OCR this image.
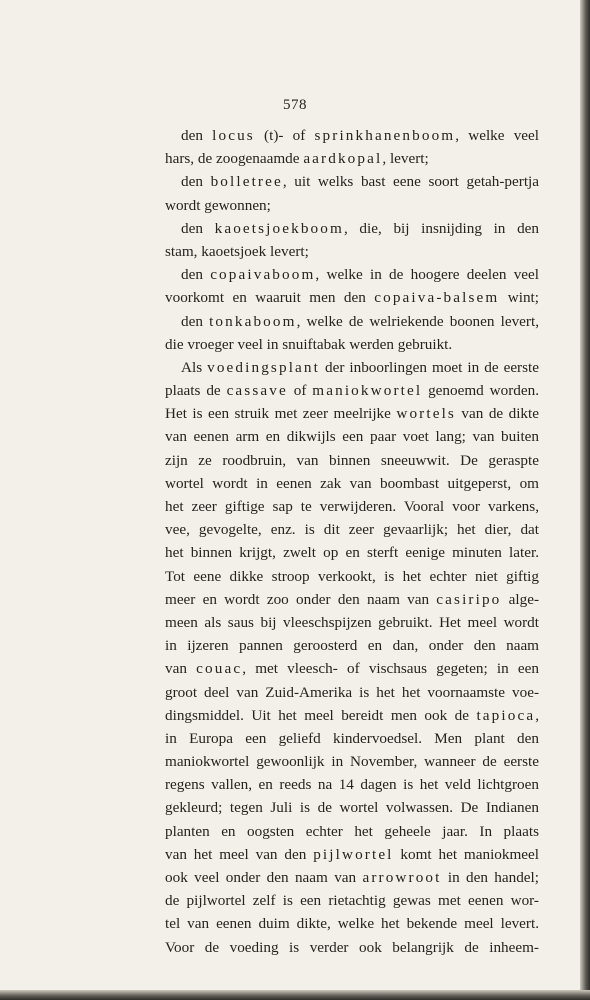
578
den locus (t)- of sprinkhanenboom, welke veel
hars, de zoogenaamde aardkopal, levert;
den bolletree, uit welks bast eene soort getah-pertja
wordt gewonnen;
den kaoetsjoekboom, die, bij insnijding in den
stam, kaoetsjoek levert;
den copaivaboom, welke in de hoogere deelen veel
voorkomt en waaruit men den copaiva-balsem wint;
den tonkaboom, welke de welriekende boonen levert,
die vroeger veel in snuiftabak werden gebruikt.
Als voedingsplant der inboorlingen moet in de eerste
plaats de cassave of maniokwortel genoemd worden.
Het is een struik met zeer meelrijke wortels van de dikte
van eenen arm en dikwijls een paar voet lang; van buiten
zijn ze roodbruin, van binnen sneeuwwit. De geraspte
wortel wordt in eenen zak van boombast uitgeperst, om
het zeer giftige sap te verwijderen. Vooral voor varkens,
vee, gevogelte, enz. is dit zeer gevaarlijk; het dier, dat
het binnen krijgt, zwelt op en sterft eenige minuten later.
Tot eene dikke stroop verkookt, is het echter niet giftig
meer en wordt zoo onder den naam van casiripo alge-
meen als saus bij vleeschspijzen gebruikt. Het meel wordt
in ijzeren pannen geroosterd en dan, onder den naam
van couac, met vleesch- of vischsaus gegeten; in een
groot deel van Zuid-Amerika is het het voornaamste voe-
dingsmiddel. Uit het meel bereidt men ook de tapioca,
in Europa een geliefd kindervoedsel. Men plant den
maniokwortel gewoonlijk in November, wanneer de eerste
regens vallen, en reeds na 14 dagen is het veld lichtgroen
gekleurd; tegen Juli is de wortel volwassen. De Indianen
planten en oogsten echter het geheele jaar. In plaats
van het meel van den pijlwortel komt het maniokmeel
ook veel onder den naam van arrowroot in den handel;
de pijlwortel zelf is een rietachtig gewas met eenen wor-
tel van eenen duim dikte, welke het bekende meel levert.
Voor de voeding is verder ook belangrijk de inheem-
